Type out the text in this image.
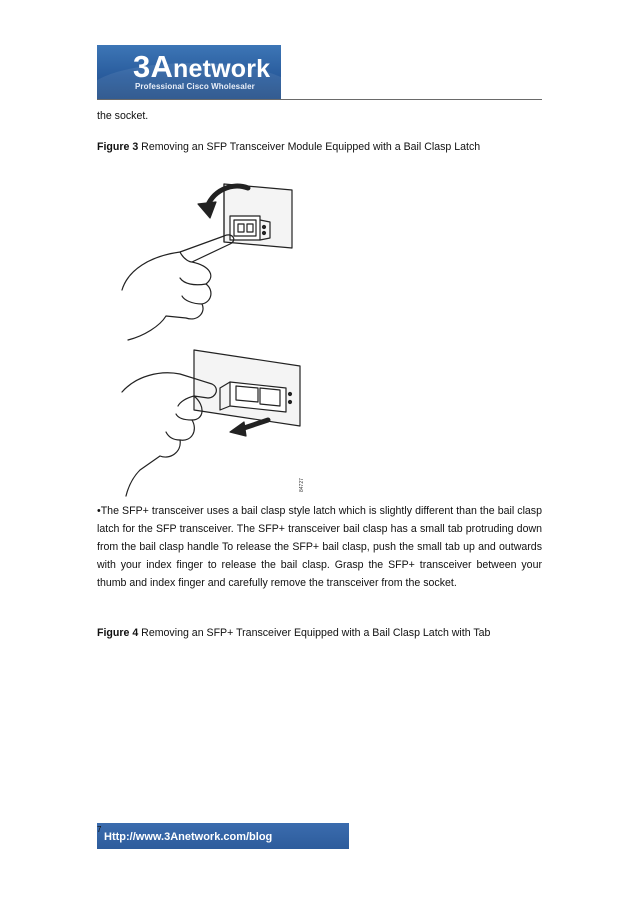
3Anetwork
Professional Cisco Wholesaler

the socket.

Figure 3 Removing an SFP Transceiver Module Equipped with a Bail Clasp Latch

84727

•The SFP+ transceiver uses a bail clasp style latch which is slightly different than the bail clasp latch for the SFP transceiver. The SFP+ transceiver bail clasp has a small tab protruding down from the bail clasp handle To release the SFP+ bail clasp, push the small tab up and outwards with your index finger to release the bail clasp. Grasp the SFP+ transceiver between your thumb and index finger and carefully remove the transceiver from the socket.

Figure 4 Removing an SFP+ Transceiver Equipped with a Bail Clasp Latch with Tab

Http://www.3Anetwork.com/blog
7
